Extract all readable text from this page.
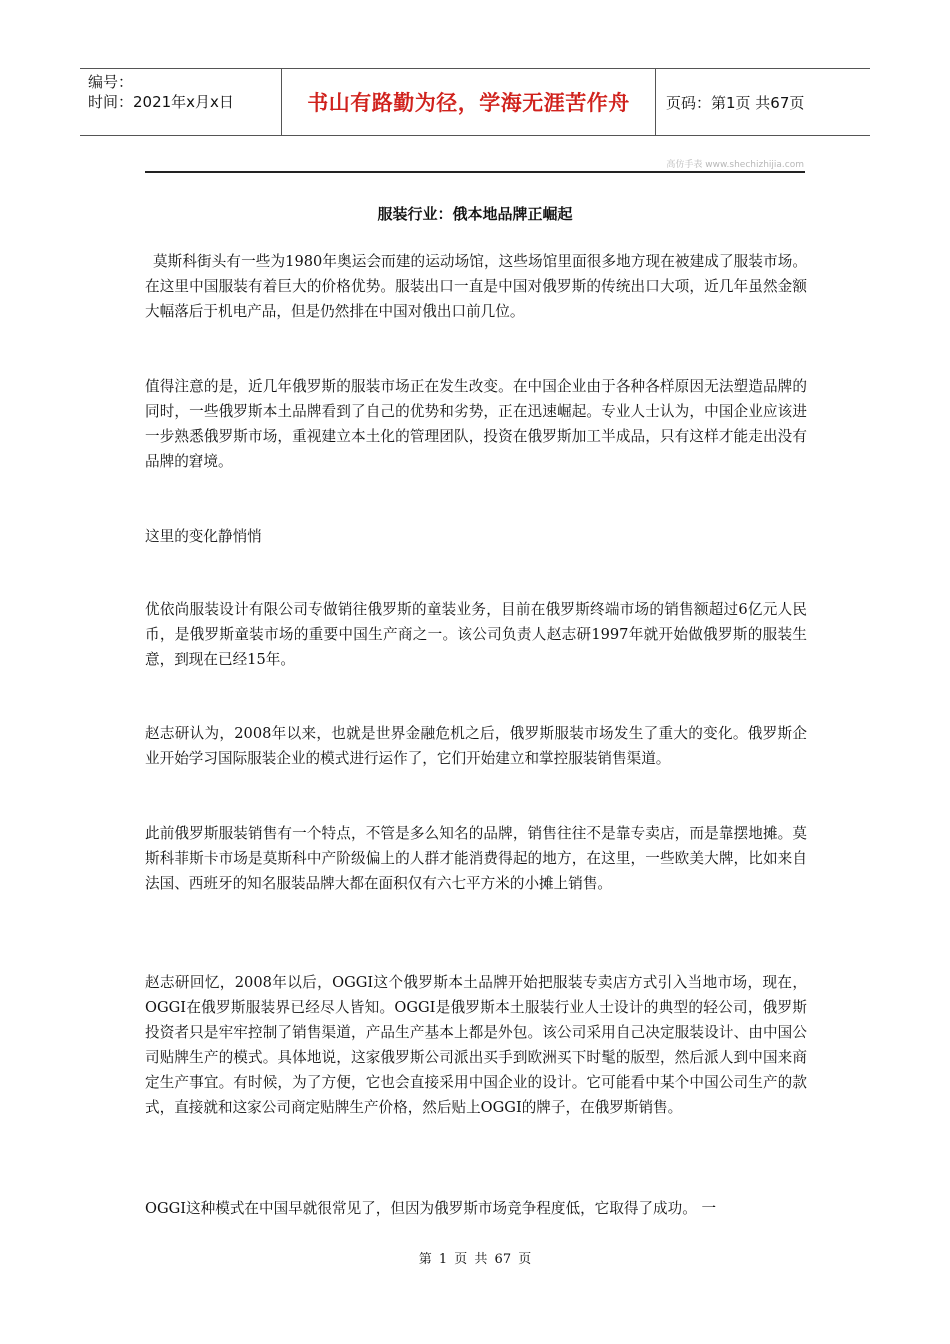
编号：
时间：2021年x月x日	书山有路勤为径，学海无涯苦作舟	页码：第1页 共67页
高仿手表 www.shechizhijia.com
服装行业：俄本地品牌正崛起

莫斯科街头有一些为1980年奥运会而建的运动场馆，这些场馆里面很多地方现在被建成了服装市场。在这里中国服装有着巨大的价格优势。服装出口一直是中国对俄罗斯的传统出口大项，近几年虽然金额大幅落后于机电产品，但是仍然排在中国对俄出口前几位。

值得注意的是，近几年俄罗斯的服装市场正在发生改变。在中国企业由于各种各样原因无法塑造品牌的同时，一些俄罗斯本土品牌看到了自己的优势和劣势，正在迅速崛起。专业人士认为，中国企业应该进一步熟悉俄罗斯市场，重视建立本土化的管理团队，投资在俄罗斯加工半成品，只有这样才能走出没有品牌的窘境。

这里的变化静悄悄

优依尚服装设计有限公司专做销往俄罗斯的童装业务，目前在俄罗斯终端市场的销售额超过6亿元人民币，是俄罗斯童装市场的重要中国生产商之一。该公司负责人赵志研1997年就开始做俄罗斯的服装生意，到现在已经15年。

赵志研认为，2008年以来，也就是世界金融危机之后，俄罗斯服装市场发生了重大的变化。俄罗斯企业开始学习国际服装企业的模式进行运作了，它们开始建立和掌控服装销售渠道。

此前俄罗斯服装销售有一个特点，不管是多么知名的品牌，销售往往不是靠专卖店，而是靠摆地摊。莫斯科菲斯卡市场是莫斯科中产阶级偏上的人群才能消费得起的地方，在这里，一些欧美大牌，比如来自法国、西班牙的知名服装品牌大都在面积仅有六七平方米的小摊上销售。

赵志研回忆，2008年以后，OGGI这个俄罗斯本土品牌开始把服装专卖店方式引入当地市场，现在，OGGI在俄罗斯服装界已经尽人皆知。OGGI是俄罗斯本土服装行业人士设计的典型的轻公司，俄罗斯投资者只是牢牢控制了销售渠道，产品生产基本上都是外包。该公司采用自己决定服装设计、由中国公司贴牌生产的模式。具体地说，这家俄罗斯公司派出买手到欧洲买下时髦的版型，然后派人到中国来商定生产事宜。有时候，为了方便，它也会直接采用中国企业的设计。它可能看中某个中国公司生产的款式，直接就和这家公司商定贴牌生产价格，然后贴上OGGI的牌子，在俄罗斯销售。

OGGI这种模式在中国早就很常见了，但因为俄罗斯市场竞争程度低，它取得了成功。 一

第 1 页 共 67 页
